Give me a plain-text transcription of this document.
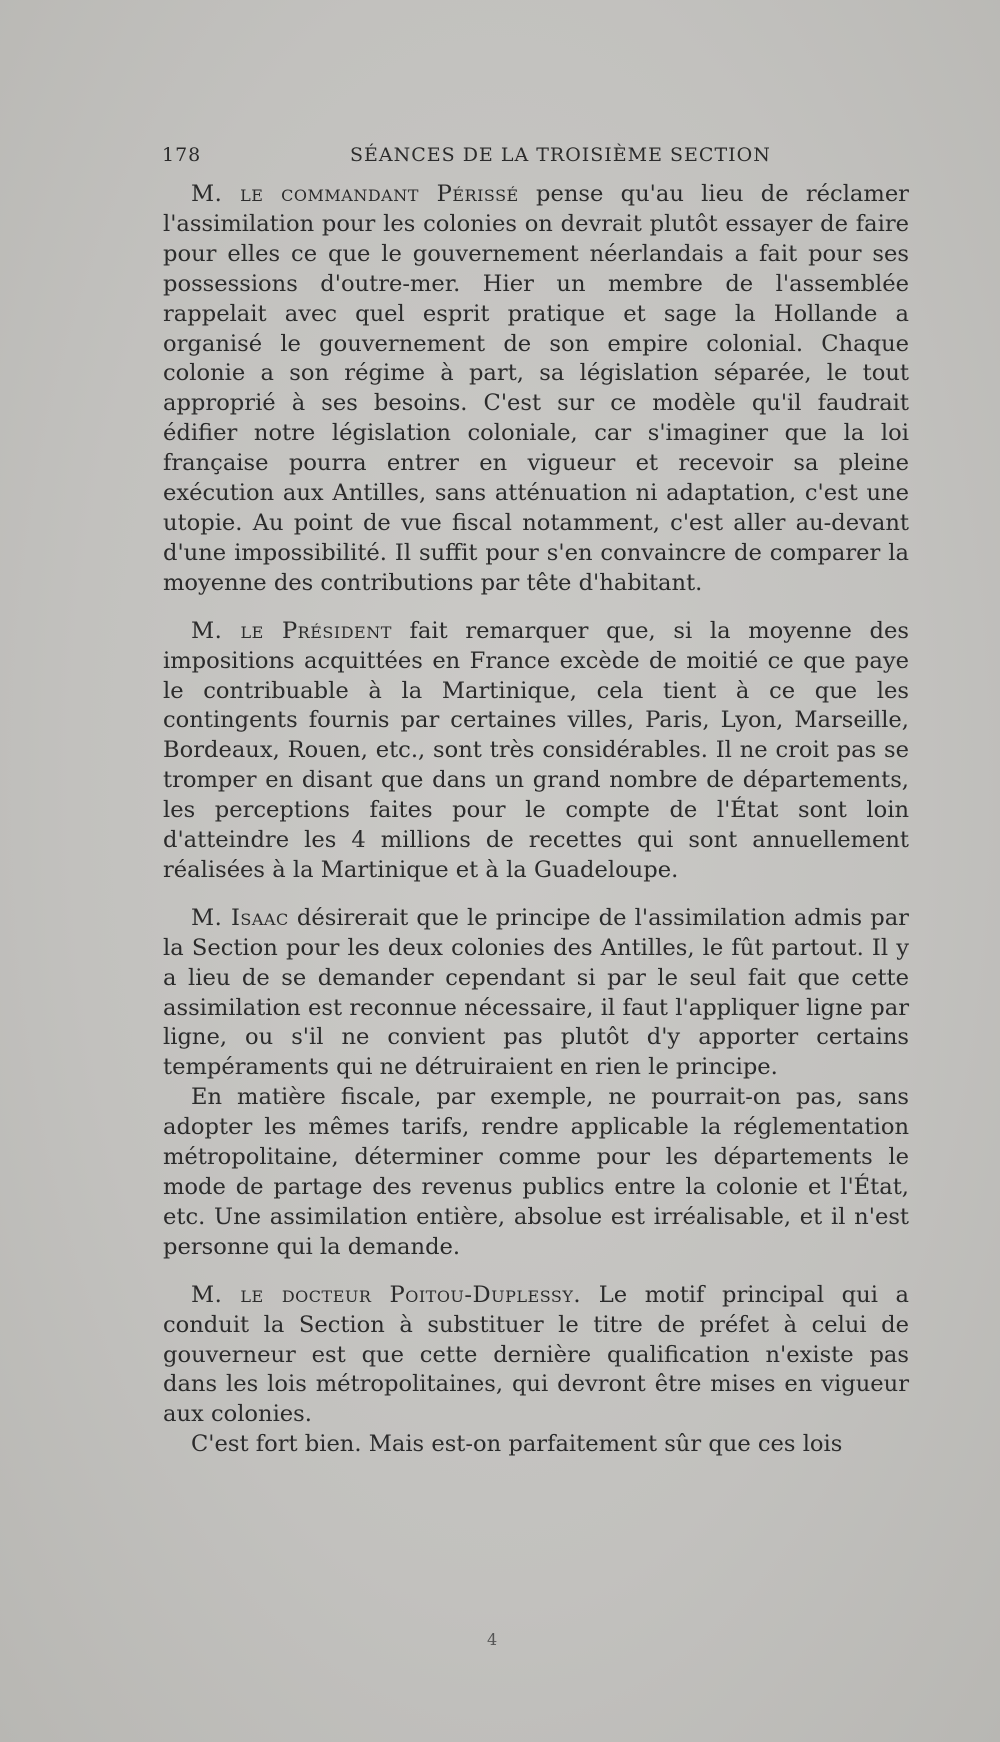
178	SÉANCES DE LA TROISIÈME SECTION

M. le commandant Périssé pense qu'au lieu de réclamer l'assimilation pour les colonies on devrait plutôt essayer de faire pour elles ce que le gouvernement néerlandais a fait pour ses possessions d'outre-mer. Hier un membre de l'assemblée rappelait avec quel esprit pratique et sage la Hollande a organisé le gouvernement de son empire colonial. Chaque colonie a son régime à part, sa législation séparée, le tout approprié à ses besoins. C'est sur ce modèle qu'il faudrait édifier notre législation coloniale, car s'imaginer que la loi française pourra entrer en vigueur et recevoir sa pleine exécution aux Antilles, sans atténuation ni adaptation, c'est une utopie. Au point de vue fiscal notamment, c'est aller au-devant d'une impossibilité. Il suffit pour s'en convaincre de comparer la moyenne des contributions par tête d'habitant.

M. le Président fait remarquer que, si la moyenne des impositions acquittées en France excède de moitié ce que paye le contribuable à la Martinique, cela tient à ce que les contingents fournis par certaines villes, Paris, Lyon, Marseille, Bordeaux, Rouen, etc., sont très considérables. Il ne croit pas se tromper en disant que dans un grand nombre de départements, les perceptions faites pour le compte de l'État sont loin d'atteindre les 4 millions de recettes qui sont annuellement réalisées à la Martinique et à la Guadeloupe.

M. Isaac désirerait que le principe de l'assimilation admis par la Section pour les deux colonies des Antilles, le fût partout. Il y a lieu de se demander cependant si par le seul fait que cette assimilation est reconnue nécessaire, il faut l'appliquer ligne par ligne, ou s'il ne convient pas plutôt d'y apporter certains tempéraments qui ne détruiraient en rien le principe.

En matière fiscale, par exemple, ne pourrait-on pas, sans adopter les mêmes tarifs, rendre applicable la réglementation métropolitaine, déterminer comme pour les départements le mode de partage des revenus publics entre la colonie et l'État, etc. Une assimilation entière, absolue est irréalisable, et il n'est personne qui la demande.

M. le docteur Poitou-Duplessy. Le motif principal qui a conduit la Section à substituer le titre de préfet à celui de gouverneur est que cette dernière qualification n'existe pas dans les lois métropolitaines, qui devront être mises en vigueur aux colonies.

C'est fort bien. Mais est-on parfaitement sûr que ces lois

4
